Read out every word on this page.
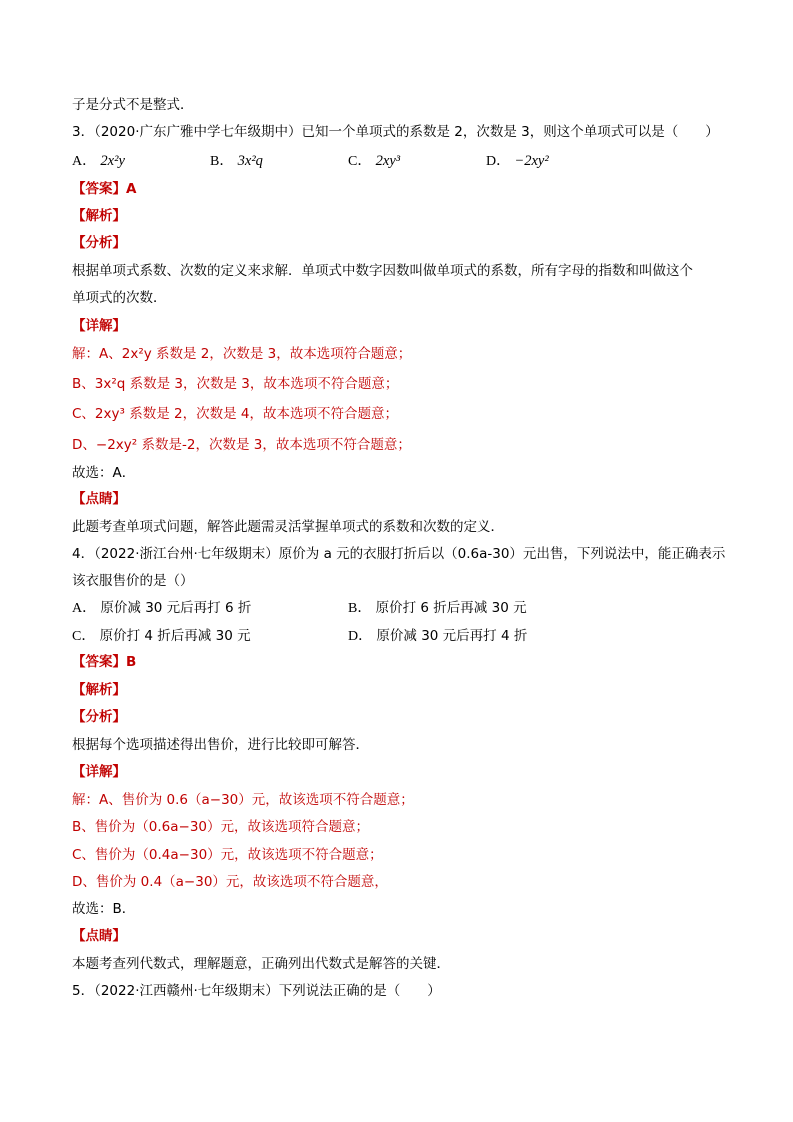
子是分式不是整式．
3．（2020·广东广雅中学七年级期中）已知一个单项式的系数是 2，次数是 3，则这个单项式可以是（　　）
A． 2x²y	B． 3x²q	C． 2xy³	D． −2xy²
【答案】A
【解析】
【分析】
根据单项式系数、次数的定义来求解．单项式中数字因数叫做单项式的系数，所有字母的指数和叫做这个
单项式的次数．
【详解】
解：A、2x²y 系数是 2，次数是 3，故本选项符合题意；
B、3x²q 系数是 3，次数是 3，故本选项不符合题意；
C、2xy³ 系数是 2，次数是 4，故本选项不符合题意；
D、−2xy² 系数是-2，次数是 3，故本选项不符合题意；
故选：A．
【点睛】
此题考查单项式问题，解答此题需灵活掌握单项式的系数和次数的定义．
4．（2022·浙江台州·七年级期末）原价为 a 元的衣服打折后以（0.6a-30）元出售，下列说法中，能正确表示
该衣服售价的是（）
A． 原价减 30 元后再打 6 折	B． 原价打 6 折后再减 30 元
C． 原价打 4 折后再减 30 元	D． 原价减 30 元后再打 4 折
【答案】B
【解析】
【分析】
根据每个选项描述得出售价，进行比较即可解答．
【详解】
解：A、售价为 0.6（a−30）元，故该选项不符合题意；
B、售价为（0.6a−30）元，故该选项符合题意；
C、售价为（0.4a−30）元，故该选项不符合题意；
D、售价为 0.4（a−30）元，故该选项不符合题意，
故选：B．
【点睛】
本题考查列代数式，理解题意，正确列出代数式是解答的关键．
5．（2022·江西赣州·七年级期末）下列说法正确的是（　　）
